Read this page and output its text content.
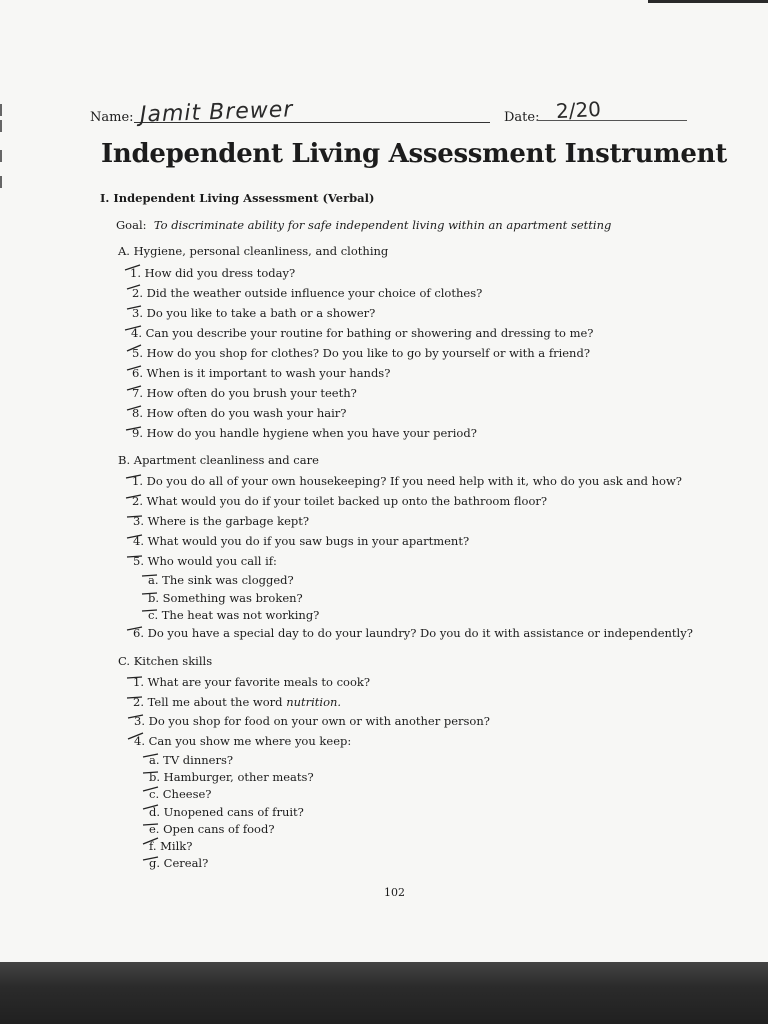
Name: Jamit Brewer	Date: 2/20
Independent Living Assessment Instrument
I. Independent Living Assessment (Verbal)
Goal: To discriminate ability for safe independent living within an apartment setting
A. Hygiene, personal cleanliness, and clothing
1. How did you dress today?
2. Did the weather outside influence your choice of clothes?
3. Do you like to take a bath or a shower?
4. Can you describe your routine for bathing or showering and dressing to me?
5. How do you shop for clothes? Do you like to go by yourself or with a friend?
6. When is it important to wash your hands?
7. How often do you brush your teeth?
8. How often do you wash your hair?
9. How do you handle hygiene when you have your period?
B. Apartment cleanliness and care
1. Do you do all of your own housekeeping? If you need help with it, who do you ask and how?
2. What would you do if your toilet backed up onto the bathroom floor?
3. Where is the garbage kept?
4. What would you do if you saw bugs in your apartment?
5. Who would you call if:
a. The sink was clogged?
b. Something was broken?
c. The heat was not working?
6. Do you have a special day to do your laundry? Do you do it with assistance or independently?
C. Kitchen skills
1. What are your favorite meals to cook?
2. Tell me about the word nutrition.
3. Do you shop for food on your own or with another person?
4. Can you show me where you keep:
a. TV dinners?
b. Hamburger, other meats?
c. Cheese?
d. Unopened cans of fruit?
e. Open cans of food?
f. Milk?
g. Cereal?
102
